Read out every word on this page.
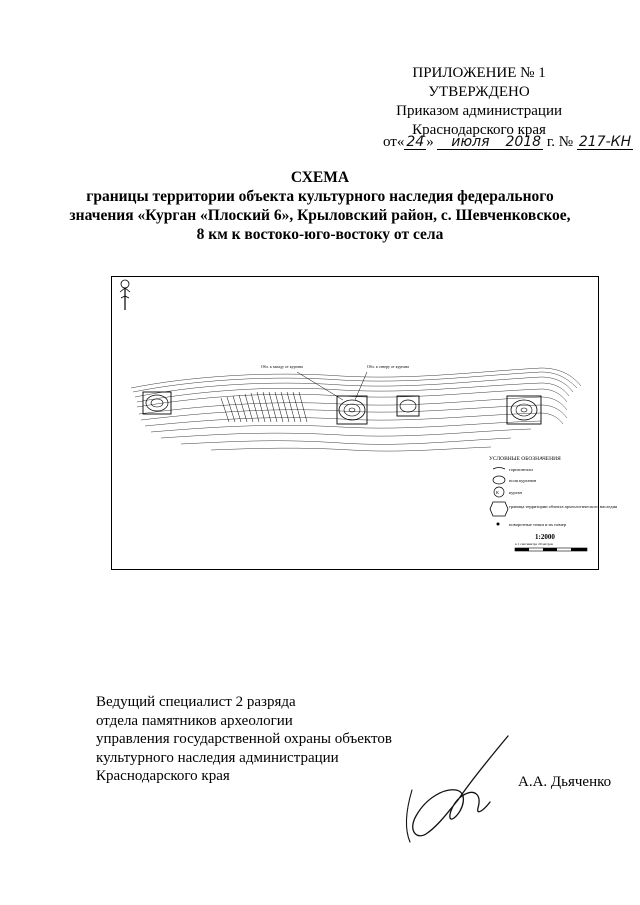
ПРИЛОЖЕНИЕ № 1
УТВЕРЖДЕНО
Приказом администрации
Краснодарского края
от« 24 » июля 2018 г. № 217-КН
СХЕМА
границы территории объекта культурного наследия федерального
значения «Курган «Плоский 6», Крыловский район, с. Шевченковское,
8 км к востоко-юго-востоку от села
Обл. к западу от кургана	Обл. к северу от кургана
УСЛОВНЫЕ ОБОЗНАЧЕНИЯ
горизонтали
поля курганов
К курган
граница территории объекта археологического наследия
поворотные точки и их номер
1:2000
в 1 сантиметре 20 метров
Ведущий специалист 2 разряда
отдела памятников археологии
управления государственной охраны объектов
культурного наследия администрации
Краснодарского края	А.А. Дьяченко
